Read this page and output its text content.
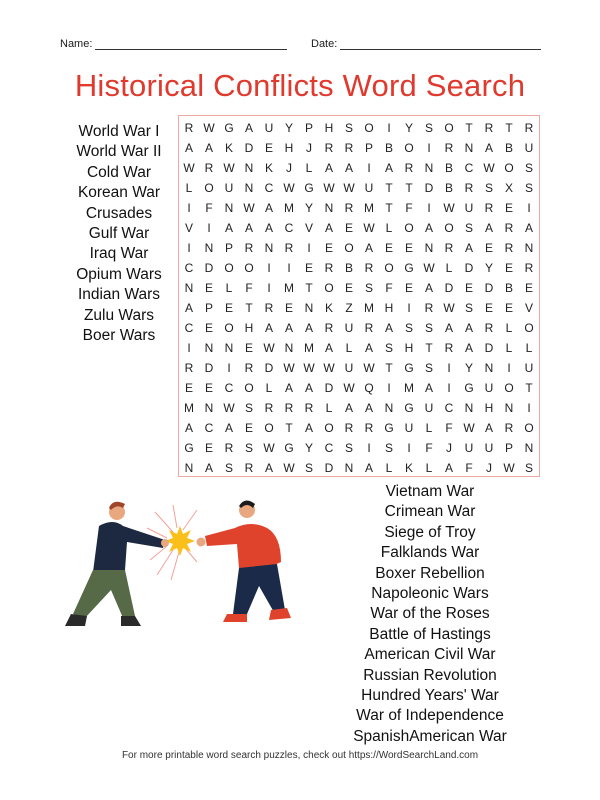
Name:	Date:
Historical Conflicts Word Search
World War I
World War II
Cold War
Korean War
Crusades
Gulf War
Iraq War
Opium Wars
Indian Wars
Zulu Wars
Boer Wars
R W G A U Y P H S O	I	Y S O T R	T R
A A K D E H	J	R R P B O	I	R N A B U
W R W N K	J	L	A A	I	A R N B C W O S
L O U N C W G W W U	T	T D B R S X S
I	F N W A M Y N R M T	F	I	W U R E	I
V	I	A A A C V A E W L O A O S A R A
I	N P R N R	I	E O A E E N R A E R N
C D O O	I	I	E R B R O G W L	D Y E R
N E	L	F	I	M T O E S	F	E A D E D B E
A P E	T R E N K	Z M H	I	R W S E E V
C E O H A A A R U R A S S A A R	L O
I	N N E W N M A	L	A S H	T R A D	L	L
R D	I	R D W W W U W T G S	I	Y N	I	U
E E C O L	A A D W Q	I	M A	I	G U O T
M N W S R R R	L	A A N G U C N H N	I
A C A E O T	A O R R G U	L	F W A R O
G E R S W G Y C S	I	S	I	F	J	U U P N
N A S R A W S D N A	L	K	L	A	F	J W S
Vietnam War
Crimean War
Siege of Troy
Falklands War
Boxer Rebellion
Napoleonic Wars
War of the Roses
Battle of Hastings
American Civil War
Russian Revolution
Hundred Years' War
War of Independence
SpanishAmerican War
For more printable word search puzzles, check out https://WordSearchLand.com
